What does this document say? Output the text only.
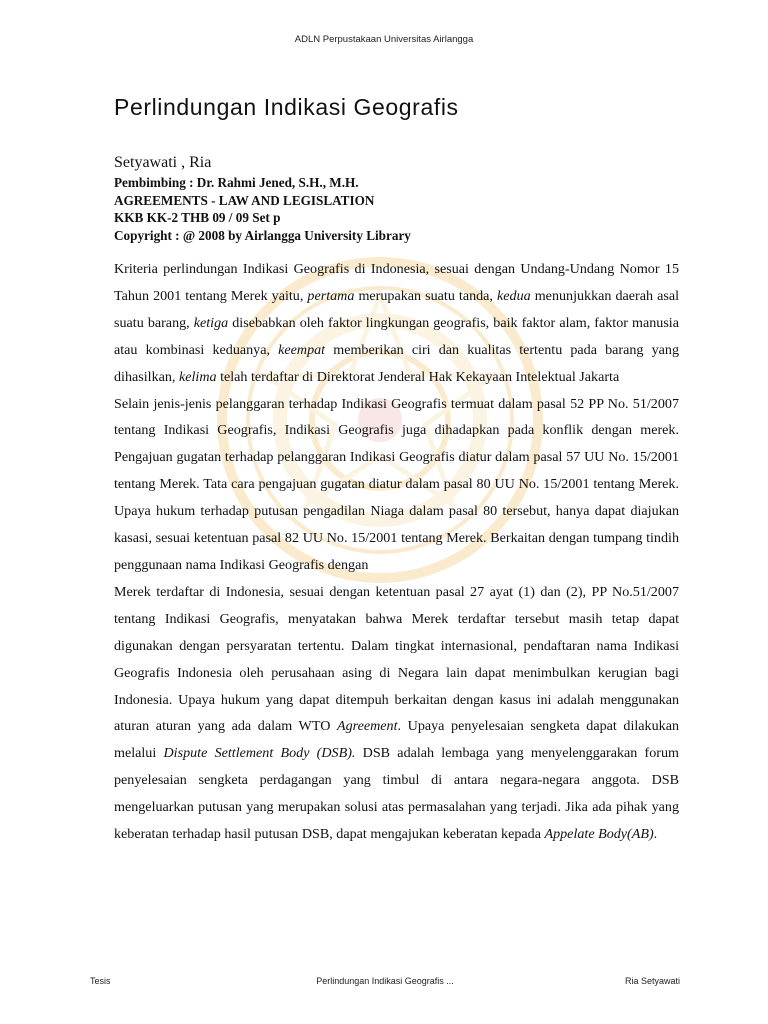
ADLN Perpustakaan Universitas Airlangga
Perlindungan Indikasi Geografis

Setyawati , Ria

Pembimbing : Dr. Rahmi Jened, S.H., M.H.

AGREEMENTS - LAW AND LEGISLATION

KKB KK-2 THB 09 / 09 Set p

Copyright : @ 2008 by Airlangga University Library

Kriteria perlindungan Indikasi Geografis di Indonesia, sesuai dengan Undang-Undang Nomor 15 Tahun 2001 tentang Merek yaitu, pertama merupakan suatu tanda, kedua menunjukkan daerah asal suatu barang, ketiga disebabkan oleh faktor lingkungan geografis, baik faktor alam, faktor manusia atau kombinasi keduanya, keempat memberikan ciri dan kualitas tertentu pada barang yang dihasilkan, kelima telah terdaftar di Direktorat Jenderal Hak Kekayaan Intelektual Jakarta

Selain jenis-jenis pelanggaran terhadap Indikasi Geografis termuat dalam pasal 52 PP No. 51/2007 tentang Indikasi Geografis, Indikasi Geografis juga dihadapkan pada konflik dengan merek. Pengajuan gugatan terhadap pelanggaran Indikasi Geografis diatur dalam pasal 57 UU No. 15/2001 tentang Merek. Tata cara pengajuan gugatan diatur dalam pasal 80 UU No. 15/2001 tentang Merek. Upaya hukum terhadap putusan pengadilan Niaga dalam pasal 80 tersebut, hanya dapat diajukan kasasi, sesuai ketentuan pasal 82 UU No. 15/2001 tentang Merek. Berkaitan dengan tumpang tindih penggunaan nama Indikasi Geografis dengan

Merek terdaftar di Indonesia, sesuai dengan ketentuan pasal 27 ayat (1) dan (2), PP No.51/2007 tentang Indikasi Geografis, menyatakan bahwa Merek terdaftar tersebut masih tetap dapat digunakan dengan persyaratan tertentu. Dalam tingkat internasional, pendaftaran nama Indikasi Geografis Indonesia oleh perusahaan asing di Negara lain dapat menimbulkan kerugian bagi Indonesia. Upaya hukum yang dapat ditempuh berkaitan dengan kasus ini adalah menggunakan aturan aturan yang ada dalam WTO Agreement. Upaya penyelesaian sengketa dapat dilakukan melalui Dispute Settlement Body (DSB). DSB adalah lembaga yang menyelenggarakan forum penyelesaian sengketa perdagangan yang timbul di antara negara-negara anggota. DSB mengeluarkan putusan yang merupakan solusi atas permasalahan yang terjadi. Jika ada pihak yang keberatan terhadap hasil putusan DSB, dapat mengajukan keberatan kepada Appelate Body(AB).

Tesis	Perlindungan Indikasi Geografis ...	Ria Setyawati
